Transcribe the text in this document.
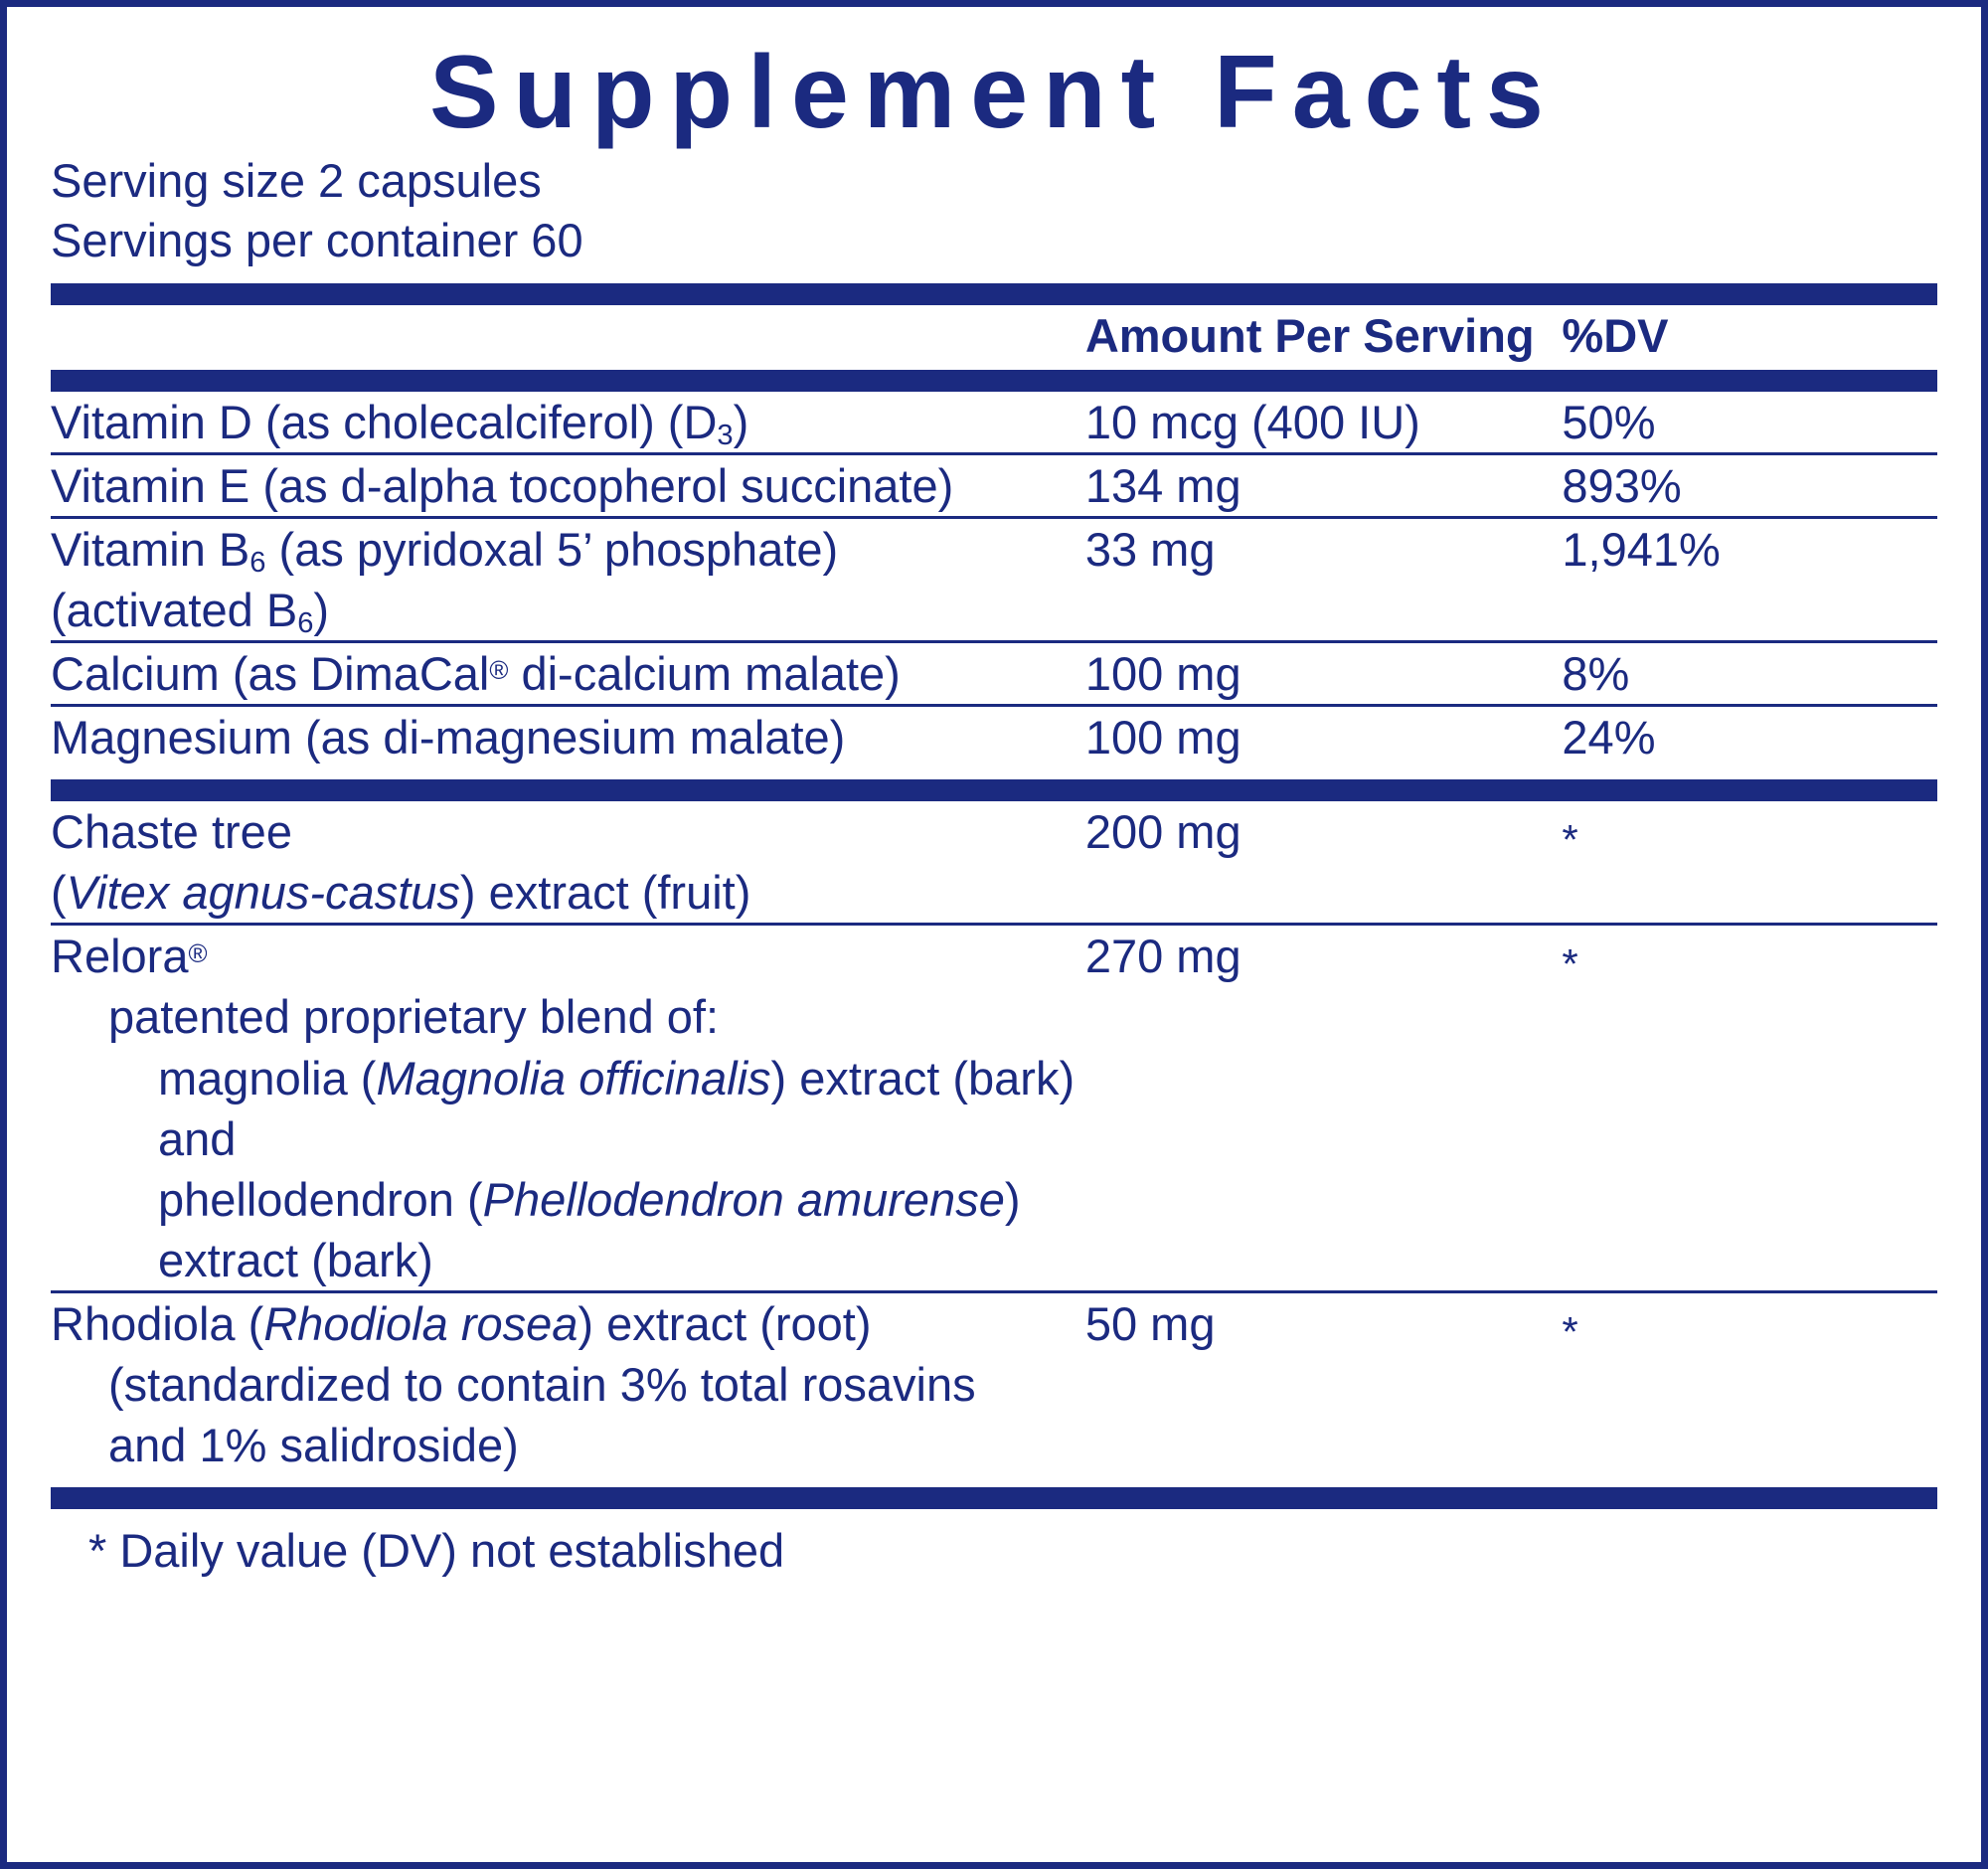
Supplement Facts
Serving size 2 capsules
Servings per container 60
	Amount Per Serving	%DV
Vitamin D (as cholecalciferol) $(D_3)$	10 mcg (400 IU)	50%
Vitamin E (as d-alpha tocopherol succinate)	134 mg	893%
Vitamin $B_6$ (as pyridoxal 5’ phosphate)
(activated $B_6$)	33 mg	1,941%
Calcium (as DimaCal® di-calcium malate)	100 mg	8%
Magnesium (as di-magnesium malate)	100 mg	24%
Chaste tree
(Vitex agnus-castus) extract (fruit)	200 mg	*
Relora®
patented proprietary blend of:
magnolia (Magnolia officinalis) extract (bark) and
phellodendron (Phellodendron amurense) extract (bark)	270 mg	*
Rhodiola (Rhodiola rosea) extract (root)
(standardized to contain 3% total rosavins
and 1% salidroside)	50 mg	*
* Daily value (DV) not established
